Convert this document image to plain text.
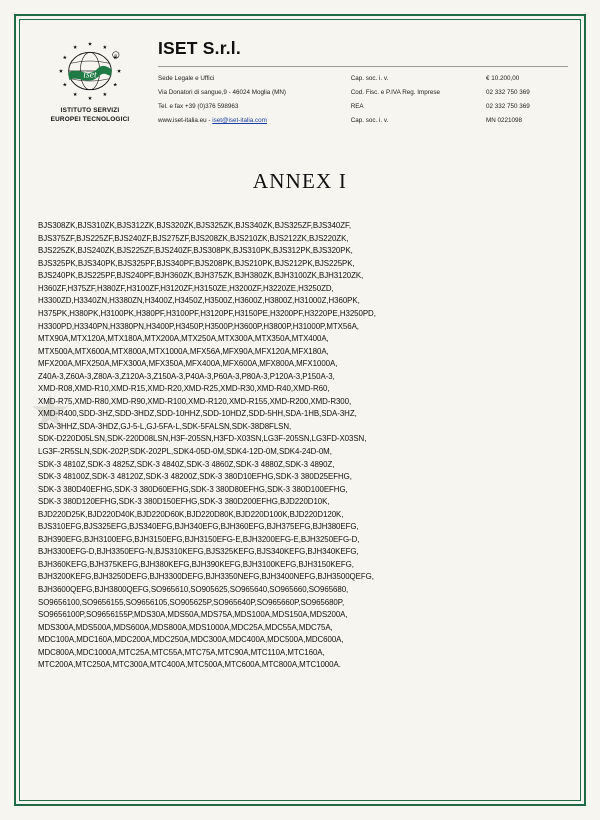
iset
R
ISTITUTO SERVIZI
EUROPEI TECNOLOGICI
ISET S.r.l.
Sede Legale e Uffici	Cap. soc. i. v.	€ 10.200,00
Via Donatori di sangue,9 - 46024 Moglia (MN)	Cod. Fisc. e P.IVA Reg. Imprese	02 332 750 369
Tel. e fax +39 (0)376 598963	REA	02 332 750 369
www.iset-italia.eu - iset@iset-italia.com	Cap. soc. i. v.	MN 0221098
ANNEX I
BJS308ZK,BJS310ZK,BJS312ZK,BJS320ZK,BJS325ZK,BJS340ZK,BJS325ZF,BJS340ZF,
BJS375ZF,BJS225ZF,BJS240ZF,BJS275ZF,BJS208ZK,BJS210ZK,BJS212ZK,BJS220ZK,
BJS225ZK,BJS240ZK,BJS225ZF,BJS240ZF,BJS308PK,BJS310PK,BJS312PK,BJS320PK,
BJS325PK,BJS340PK,BJS325PF,BJS340PF,BJS208PK,BJS210PK,BJS212PK,BJS225PK,
BJS240PK,BJS225PF,BJS240PF,BJH360ZK,BJH375ZK,BJH380ZK,BJH3100ZK,BJH3120ZK,
H360ZF,H375ZF,H380ZF,H3100ZF,H3120ZF,H3150ZE,H3200ZF,H3220ZE,H3250ZD,
H3300ZD,H3340ZN,H3380ZN,H3400Z,H3450Z,H3500Z,H3600Z,H3800Z,H31000Z,H360PK,
H375PK,H380PK,H3100PK,H380PF,H3100PF,H3120PF,H3150PE,H3200PF,H3220PE,H3250PD,
H3300PD,H3340PN,H3380PN,H3400P,H3450P,H3500P,H3600P,H3800P,H31000P,MTX56A,
MTX90A,MTX120A,MTX180A,MTX200A,MTX250A,MTX300A,MTX350A,MTX400A,
MTX500A,MTX600A,MTX800A,MTX1000A,MFX56A,MFX90A,MFX120A,MFX180A,
MFX200A,MFX250A,MFX300A,MFX350A,MFX400A,MFX600A,MFX800A,MFX1000A,
Z40A-3,Z60A-3,Z80A-3,Z120A-3,Z150A-3,P40A-3,P60A-3,P80A-3,P120A-3,P150A-3,
XMD-R08,XMD-R10,XMD-R15,XMD-R20,XMD-R25,XMD-R30,XMD-R40,XMD-R60,
XMD-R75,XMD-R80,XMD-R90,XMD-R100,XMD-R120,XMD-R155,XMD-R200,XMD-R300,
XMD-R400,SDD-3HZ,SDD-3HDZ,SDD-10HHZ,SDD-10HDZ,SDD-5HH,SDA-1HB,SDA-3HZ,
SDA-3HHZ,SDA-3HDZ,GJ-5-L,GJ-5FA-L,SDK-5FALSN,SDK-38D8FLSN,
SDK-D220D05LSN,SDK-220D08LSN,H3F-205SN,H3FD-X03SN,LG3F-205SN,LG3FD-X03SN,
LG3F-2R5SLN,SDK-202P,SDK-202PL,SDK4-05D-0M,SDK4-12D-0M,SDK4-24D-0M,
SDK-3 4810Z,SDK-3 4825Z,SDK-3 4840Z,SDK-3 4860Z,SDK-3 4880Z,SDK-3 4890Z,
SDK-3 48100Z,SDK-3 48120Z,SDK-3 48200Z,SDK-3 380D10EFHG,SDK-3 380D25EFHG,
SDK-3 380D40EFHG,SDK-3 380D60EFHG,SDK-3 380D80EFHG,SDK-3 380D100EFHG,
SDK-3 380D120EFHG,SDK-3 380D150EFHG,SDK-3 380D200EFHG,BJD220D10K,
BJD220D25K,BJD220D40K,BJD220D60K,BJD220D80K,BJD220D100K,BJD220D120K,
BJS310EFG,BJS325EFG,BJS340EFG,BJH340EFG,BJH360EFG,BJH375EFG,BJH380EFG,
BJH390EFG,BJH3100EFG,BJH3150EFG,BJH3150EFG-E,BJH3200EFG-E,BJH3250EFG-D,
BJH3300EFG-D,BJH3350EFG-N,BJS310KEFG,BJS325KEFG,BJS340KEFG,BJH340KEFG,
BJH360KEFG,BJH375KEFG,BJH380KEFG,BJH390KEFG,BJH3100KEFG,BJH3150KEFG,
BJH3200KEFG,BJH3250DEFG,BJH3300DEFG,BJH3350NEFG,BJH3400NEFG,BJH3500QEFG,
BJH3600QEFG,BJH3800QEFG,SO965610,SO905625,SO965640,SO965660,SO965680,
SO9656100,SO9656155,SO9656105,SO905625P,SO965640P,SO965660P,SO965680P,
SO9656100P,SO9656155P,MDS30A,MDS50A,MDS75A,MDS100A,MDS150A,MDS200A,
MDS300A,MDS500A,MDS600A,MDS800A,MDS1000A,MDC25A,MDC55A,MDC75A,
MDC100A,MDC160A,MDC200A,MDC250A,MDC300A,MDC400A,MDC500A,MDC600A,
MDC800A,MDC1000A,MTC25A,MTC55A,MTC75A,MTC90A,MTC110A,MTC160A,
MTC200A,MTC250A,MTC300A,MTC400A,MTC500A,MTC600A,MTC800A,MTC1000A.
